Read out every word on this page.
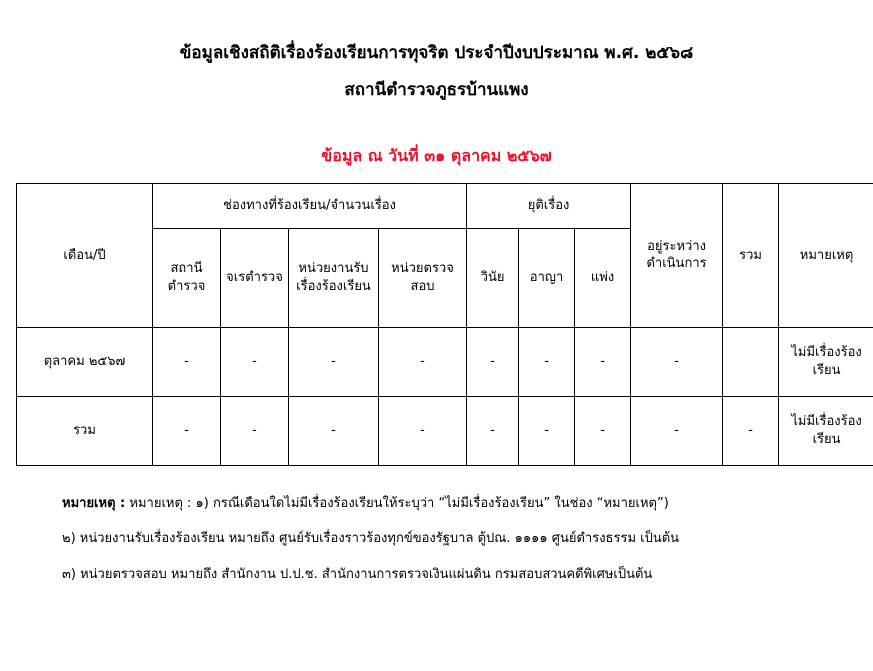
ข้อมูลเชิงสถิติเรื่องร้องเรียนการทุจริต ประจำปีงบประมาณ พ.ศ. ๒๕๖๘
สถานีตำรวจภูธรบ้านแพง
ข้อมูล ณ วันที่ ๓๑ ตุลาคม ๒๕๖๗
เดือน/ปี	ช่องทางที่ร้องเรียน/จำนวนเรื่อง				ยุติเรื่อง			อยู่ระหว่างดำเนินการ	รวม	หมายเหตุ
	สถานีตำรวจ	จเรตำรวจ	หน่วยงานรับเรื่องร้องเรียน	หน่วยตรวจสอบ	วินัย	อาญา	แพ่ง			
ตุลาคม ๒๕๖๗	-	-	-	-	-	-	-	-		ไม่มีเรื่องร้องเรียน
รวม	-	-	-	-	-	-	-	-	-	ไม่มีเรื่องร้องเรียน

หมายเหตุ : หมายเหตุ : ๑) กรณีเดือนใดไม่มีเรื่องร้องเรียนให้ระบุว่า “ไม่มีเรื่องร้องเรียน” ในช่อง “หมายเหตุ”)

๒) หน่วยงานรับเรื่องร้องเรียน หมายถึง ศูนย์รับเรื่องราวร้องทุกข์ของรัฐบาล ตู้ปณ. ๑๑๑๑ ศูนย์ดำรงธรรม เป็นต้น

๓) หน่วยตรวจสอบ หมายถึง สำนักงาน ป.ป.ช. สำนักงานการตรวจเงินแผ่นดิน กรมสอบสวนคดีพิเศษเป็นต้น
